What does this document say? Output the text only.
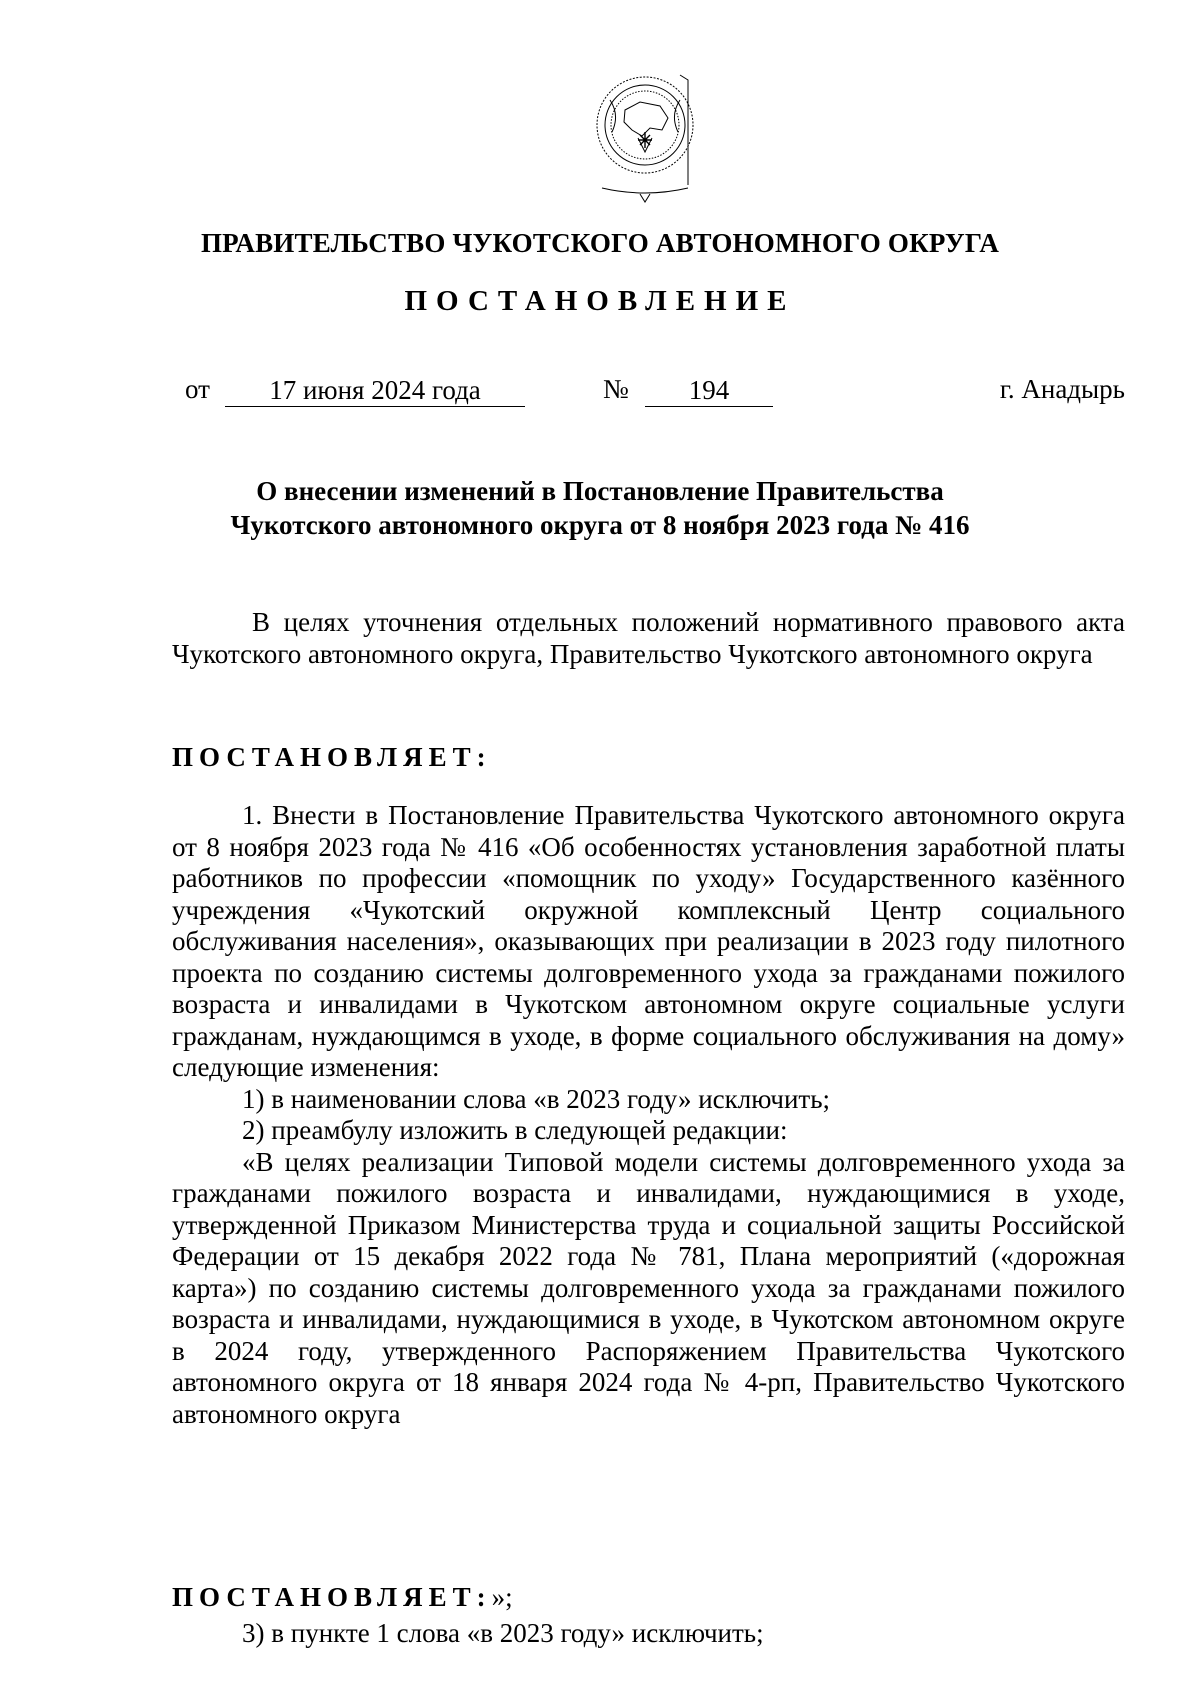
ПРАВИТЕЛЬСТВО ЧУКОТСКОГО АВТОНОМНОГО ОКРУГА
ПОСТАНОВЛЕНИЕ
от	17 июня 2024 года	№	194	г. Анадырь
О внесении изменений в Постановление Правительства
Чукотского автономного округа от 8 ноября 2023 года № 416

В целях уточнения отдельных положений нормативного правового акта Чукотского автономного округа, Правительство Чукотского автономного округа

ПОСТАНОВЛЯЕТ:

1. Внести в Постановление Правительства Чукотского автономного округа от 8 ноября 2023 года № 416 «Об особенностях установления заработной платы работников по профессии «помощник по уходу» Государственного казённого учреждения «Чукотский окружной комплексный Центр социального обслуживания населения», оказывающих при реализации в 2023 году пилотного проекта по созданию системы долговременного ухода за гражданами пожилого возраста и инвалидами в Чукотском автономном округе социальные услуги гражданам, нуждающимся в уходе, в форме социального обслуживания на дому» следующие изменения:

1) в наименовании слова «в 2023 году» исключить;

2) преамбулу изложить в следующей редакции:

«В целях реализации Типовой модели системы долговременного ухода за гражданами пожилого возраста и инвалидами, нуждающимися в уходе, утвержденной Приказом Министерства труда и социальной защиты Российской Федерации от 15 декабря 2022 года № 781, Плана мероприятий («дорожная карта») по созданию системы долговременного ухода за гражданами пожилого возраста и инвалидами, нуждающимися в уходе, в Чукотском автономном округе в 2024 году, утвержденного Распоряжением Правительства Чукотского автономного округа от 18 января 2024 года № 4-рп, Правительство Чукотского автономного округа

ПОСТАНОВЛЯЕТ:»;

3) в пункте 1 слова «в 2023 году» исключить;
